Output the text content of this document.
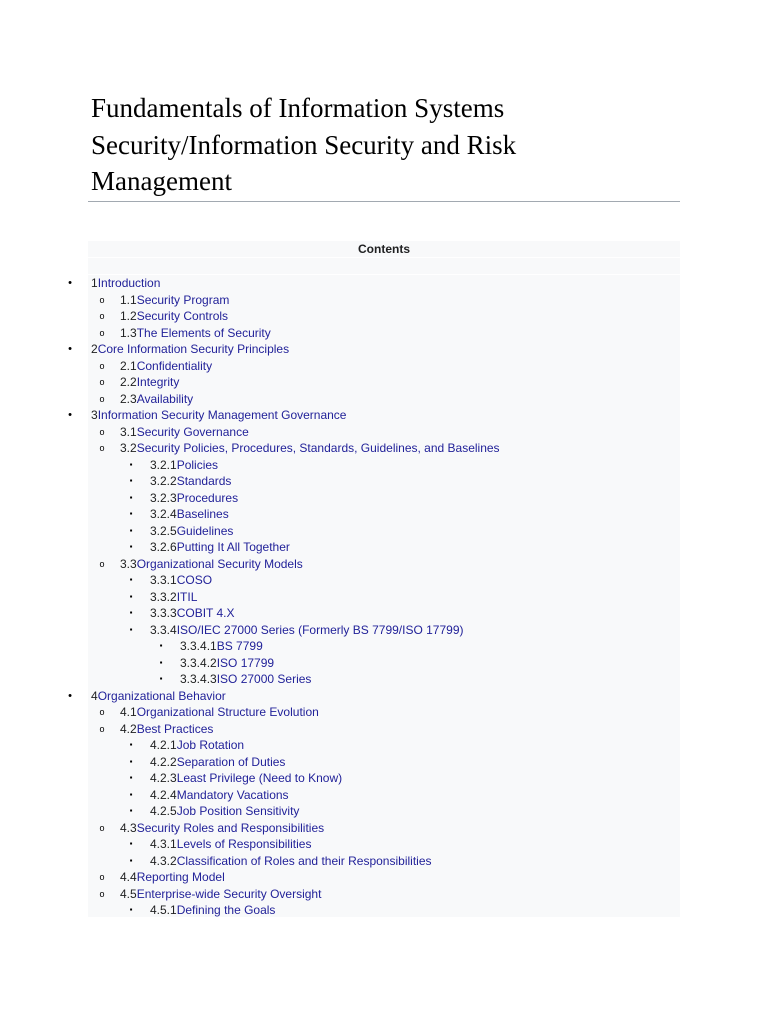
Fundamentals of Information Systems Security/Information Security and Risk Management
Contents
•	1Introduction
o 1.1Security Program
o 1.2Security Controls
o 1.3The Elements of Security
•	2Core Information Security Principles
o 2.1Confidentiality
o 2.2Integrity
o 2.3Availability
•	3Information Security Management Governance
o 3.1Security Governance
o 3.2Security Policies, Procedures, Standards, Guidelines, and Baselines
▪	3.2.1Policies
▪	3.2.2Standards
▪	3.2.3Procedures
▪	3.2.4Baselines
▪	3.2.5Guidelines
▪	3.2.6Putting It All Together
o 3.3Organizational Security Models
▪	3.3.1COSO
▪	3.3.2ITIL
▪	3.3.3COBIT 4.X
▪	3.3.4ISO/IEC 27000 Series (Formerly BS 7799/ISO 17799)
▪	3.3.4.1BS 7799
▪	3.3.4.2ISO 17799
▪	3.3.4.3ISO 27000 Series
•	4Organizational Behavior
o 4.1Organizational Structure Evolution
o 4.2Best Practices
▪	4.2.1Job Rotation
▪	4.2.2Separation of Duties
▪	4.2.3Least Privilege (Need to Know)
▪	4.2.4Mandatory Vacations
▪	4.2.5Job Position Sensitivity
o 4.3Security Roles and Responsibilities
▪	4.3.1Levels of Responsibilities
▪	4.3.2Classification of Roles and their Responsibilities
o 4.4Reporting Model
o 4.5Enterprise-wide Security Oversight
▪	4.5.1Defining the Goals
